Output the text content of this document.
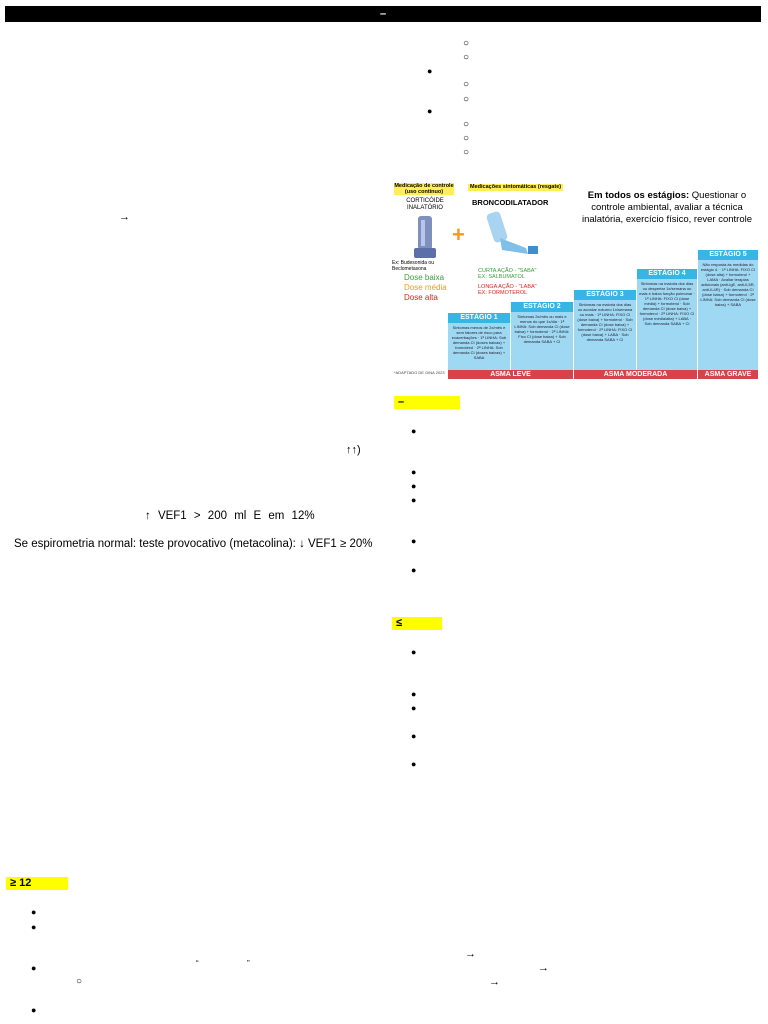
–
→
↑↑)
↑ VEF1 > 200 ml E em 12%
Se espirometria normal: teste provocativo (metacolina): ↓ VEF1 ≥ 20%
≥ 12
●
●
●	“	”
○
●
○
○
●
○
○
●
○
○
○
Medicação de controle (uso contínuo)
CORTICÓIDE INALATÓRIO
+
Ex: Budesonida ou Beclometasona
Dose baixa
Dose média
Dose alta
Medicações sintomáticas (resgate)
BRONCODILATADOR
CURTA AÇÃO - "SABA"
EX: SALBUMATOL
LONGA AÇÃO - "LABA"
EX: FORMOTEROL
Em todos os estágios: Questionar o controle ambiental, avaliar a técnica inalatória, exercício físico, rever controle
ESTÁGIO 1
Sintomas menos de 2x/mês e sem fatores de risco para exacerbações · 1ª LINHA: Sob demanda CI (doses baixas) + formoterol · 2ª LINHA: Sob demanda CI (doses baixas) + SABA
ESTÁGIO 2
Sintomas 2x/mês ou mais e menos do que 1x/dia · 1ª LINHA: Sob demanda CI (dose baixa) + formoterol · 2ª LINHA: Fixo CI (dose baixa) + Sob demanda SABA + CI
ESTÁGIO 3
Sintomas na maioria dos dias ou acordar noturno 1x/semana ou mais · 1ª LINHA: FIXO CI (dose baixa) + formoterol · Sob demanda CI (dose baixa) + formoterol · 2ª LINHA: FIXO CI (dose baixa) + LABA · Sob demanda SABA + CI
ESTÁGIO 4
Sintomas na maioria dos dias ou despertar 1x/semana ou mais e baixa função pulmonar · 1ª LINHA: FIXO CI (dose média) + formoterol · Sob demanda CI (dose baixa) + formoterol · 2ª LINHA: FIXO CI (dose média/alta) + LABA · Sob demanda SABA + CI
ESTÁGIO 5
Não resposta às medidas do estágio 4. · 1ª LINHA: FIXO CI (dose alta) + formoterol + LAMA · Avaliar terapias adicionais (anti-IgE, anti-IL5R, anti-IL4R) · Sob demanda CI (dose baixa) + formoterol · 2ª LINHA: Sob demanda CI (dose baixa) + SABA
*ADAPTADO DE GINA 2023	ASMA LEVE	ASMA MODERADA	ASMA GRAVE
–
●
●
●
●
●
●
≤
●
●
●
●
●
→
→
→
